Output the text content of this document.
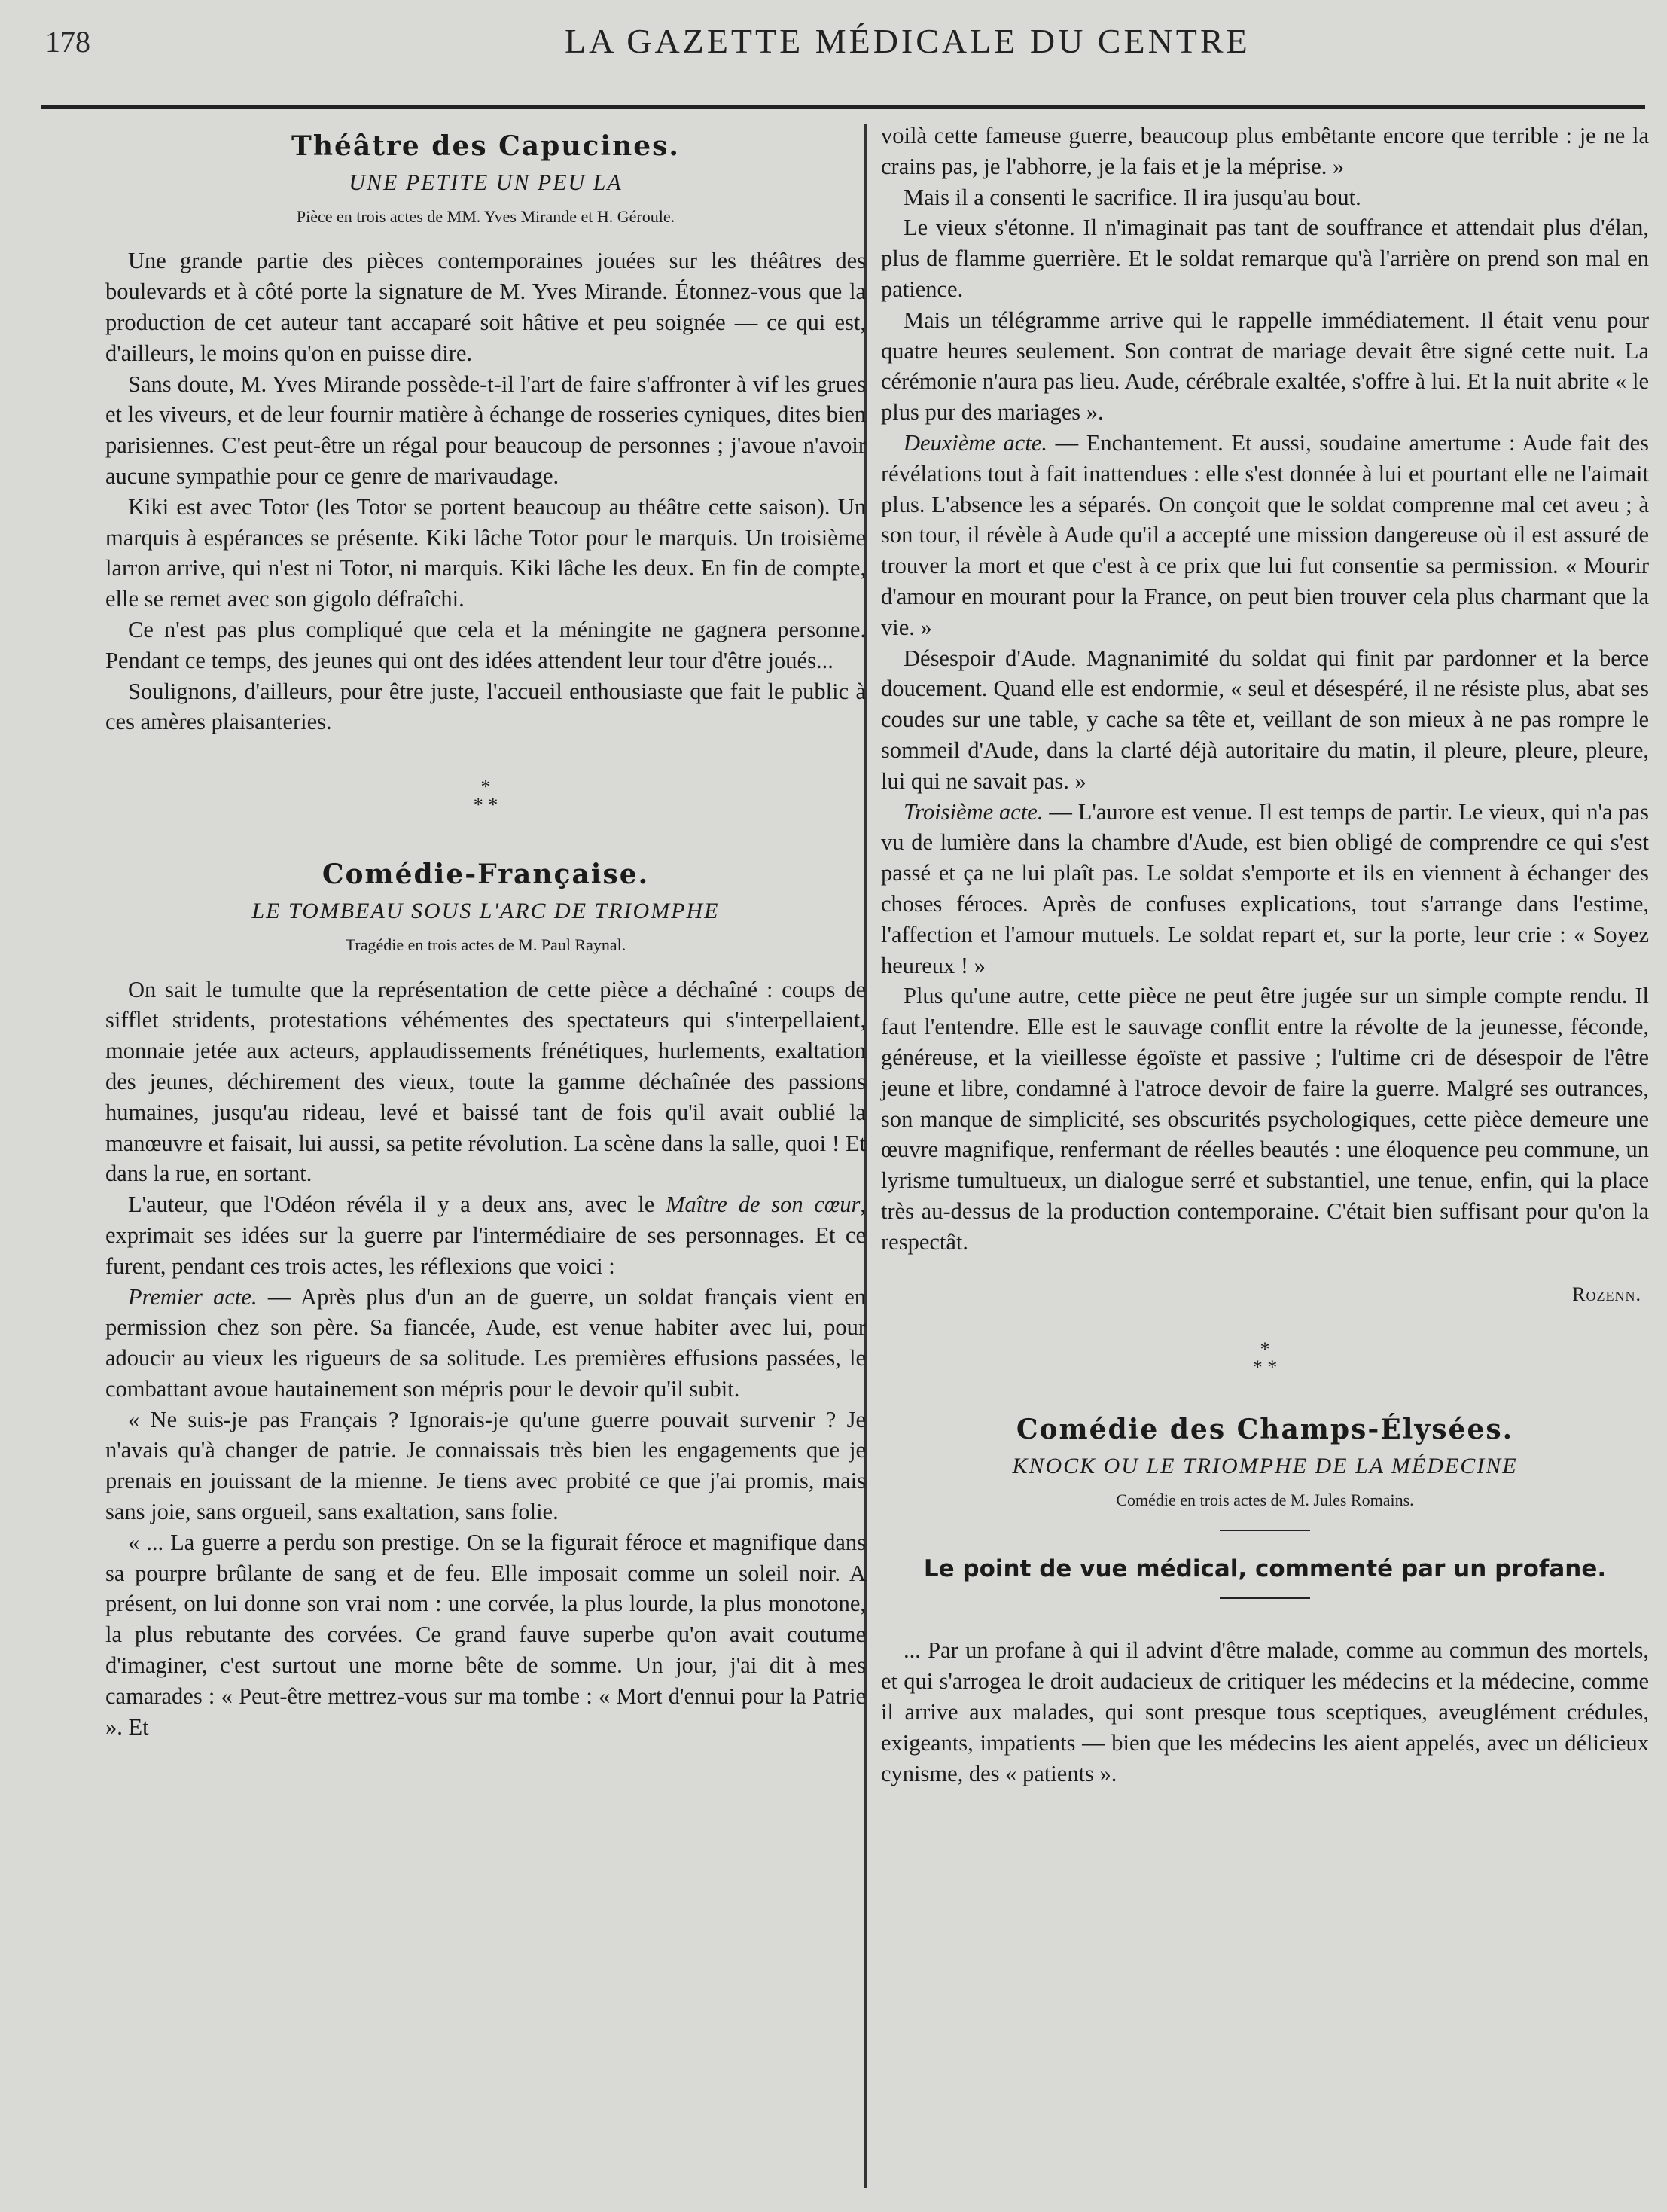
178	LA GAZETTE MÉDICALE DU CENTRE
Théâtre des Capucines.
UNE PETITE UN PEU LA
Pièce en trois actes de MM. Yves Mirande et H. Géroule.

Une grande partie des pièces contemporaines jouées sur les théâtres des boulevards et à côté porte la signature de M. Yves Mirande. Étonnez-vous que la production de cet auteur tant accaparé soit hâtive et peu soignée — ce qui est, d'ailleurs, le moins qu'on en puisse dire.

Sans doute, M. Yves Mirande possède-t-il l'art de faire s'affronter à vif les grues et les viveurs, et de leur fournir matière à échange de rosseries cyniques, dites bien parisiennes. C'est peut-être un régal pour beaucoup de personnes ; j'avoue n'avoir aucune sympathie pour ce genre de marivaudage.

Kiki est avec Totor (les Totor se portent beaucoup au théâtre cette saison). Un marquis à espérances se présente. Kiki lâche Totor pour le marquis. Un troisième larron arrive, qui n'est ni Totor, ni marquis. Kiki lâche les deux. En fin de compte, elle se remet avec son gigolo défraîchi.

Ce n'est pas plus compliqué que cela et la méningite ne gagnera personne. Pendant ce temps, des jeunes qui ont des idées attendent leur tour d'être joués...

Soulignons, d'ailleurs, pour être juste, l'accueil enthousiaste que fait le public à ces amères plaisanteries.

*
* *
Comédie-Française.
LE TOMBEAU SOUS L'ARC DE TRIOMPHE
Tragédie en trois actes de M. Paul Raynal.

On sait le tumulte que la représentation de cette pièce a déchaîné : coups de sifflet stridents, protestations véhémentes des spectateurs qui s'interpellaient, monnaie jetée aux acteurs, applaudissements frénétiques, hurlements, exaltation des jeunes, déchirement des vieux, toute la gamme déchaînée des passions humaines, jusqu'au rideau, levé et baissé tant de fois qu'il avait oublié la manœuvre et faisait, lui aussi, sa petite révolution. La scène dans la salle, quoi ! Et dans la rue, en sortant.

L'auteur, que l'Odéon révéla il y a deux ans, avec le Maître de son cœur, exprimait ses idées sur la guerre par l'intermédiaire de ses personnages. Et ce furent, pendant ces trois actes, les réflexions que voici :

Premier acte. — Après plus d'un an de guerre, un soldat français vient en permission chez son père. Sa fiancée, Aude, est venue habiter avec lui, pour adoucir au vieux les rigueurs de sa solitude. Les premières effusions passées, le combattant avoue hautainement son mépris pour le devoir qu'il subit.

« Ne suis-je pas Français ? Ignorais-je qu'une guerre pouvait survenir ? Je n'avais qu'à changer de patrie. Je connaissais très bien les engagements que je prenais en jouissant de la mienne. Je tiens avec probité ce que j'ai promis, mais sans joie, sans orgueil, sans exaltation, sans folie.

« ... La guerre a perdu son prestige. On se la figurait féroce et magnifique dans sa pourpre brûlante de sang et de feu. Elle imposait comme un soleil noir. A présent, on lui donne son vrai nom : une corvée, la plus lourde, la plus monotone, la plus rebutante des corvées. Ce grand fauve superbe qu'on avait coutume d'imaginer, c'est surtout une morne bête de somme. Un jour, j'ai dit à mes camarades : « Peut-être mettrez-vous sur ma tombe : « Mort d'ennui pour la Patrie ». Et

voilà cette fameuse guerre, beaucoup plus embêtante encore que terrible : je ne la crains pas, je l'abhorre, je la fais et je la méprise. »

Mais il a consenti le sacrifice. Il ira jusqu'au bout.

Le vieux s'étonne. Il n'imaginait pas tant de souffrance et attendait plus d'élan, plus de flamme guerrière. Et le soldat remarque qu'à l'arrière on prend son mal en patience.

Mais un télégramme arrive qui le rappelle immédiatement. Il était venu pour quatre heures seulement. Son contrat de mariage devait être signé cette nuit. La cérémonie n'aura pas lieu. Aude, cérébrale exaltée, s'offre à lui. Et la nuit abrite « le plus pur des mariages ».

Deuxième acte. — Enchantement. Et aussi, soudaine amertume : Aude fait des révélations tout à fait inattendues : elle s'est donnée à lui et pourtant elle ne l'aimait plus. L'absence les a séparés. On conçoit que le soldat comprenne mal cet aveu ; à son tour, il révèle à Aude qu'il a accepté une mission dangereuse où il est assuré de trouver la mort et que c'est à ce prix que lui fut consentie sa permission. « Mourir d'amour en mourant pour la France, on peut bien trouver cela plus charmant que la vie. »

Désespoir d'Aude. Magnanimité du soldat qui finit par pardonner et la berce doucement. Quand elle est endormie, « seul et désespéré, il ne résiste plus, abat ses coudes sur une table, y cache sa tête et, veillant de son mieux à ne pas rompre le sommeil d'Aude, dans la clarté déjà autoritaire du matin, il pleure, pleure, pleure, lui qui ne savait pas. »

Troisième acte. — L'aurore est venue. Il est temps de partir. Le vieux, qui n'a pas vu de lumière dans la chambre d'Aude, est bien obligé de comprendre ce qui s'est passé et ça ne lui plaît pas. Le soldat s'emporte et ils en viennent à échanger des choses féroces. Après de confuses explications, tout s'arrange dans l'estime, l'affection et l'amour mutuels. Le soldat repart et, sur la porte, leur crie : « Soyez heureux ! »

Plus qu'une autre, cette pièce ne peut être jugée sur un simple compte rendu. Il faut l'entendre. Elle est le sauvage conflit entre la révolte de la jeunesse, féconde, généreuse, et la vieillesse égoïste et passive ; l'ultime cri de désespoir de l'être jeune et libre, condamné à l'atroce devoir de faire la guerre. Malgré ses outrances, son manque de simplicité, ses obscurités psychologiques, cette pièce demeure une œuvre magnifique, renfermant de réelles beautés : une éloquence peu commune, un lyrisme tumultueux, un dialogue serré et substantiel, une tenue, enfin, qui la place très au-dessus de la production contemporaine. C'était bien suffisant pour qu'on la respectât.

Rozenn.
*
* *
Comédie des Champs-Élysées.
KNOCK OU LE TRIOMPHE DE LA MÉDECINE
Comédie en trois actes de M. Jules Romains.
Le point de vue médical, commenté par un profane.

... Par un profane à qui il advint d'être malade, comme au commun des mortels, et qui s'arrogea le droit audacieux de critiquer les médecins et la médecine, comme il arrive aux malades, qui sont presque tous sceptiques, aveuglément crédules, exigeants, impatients — bien que les médecins les aient appelés, avec un délicieux cynisme, des « patients ».
